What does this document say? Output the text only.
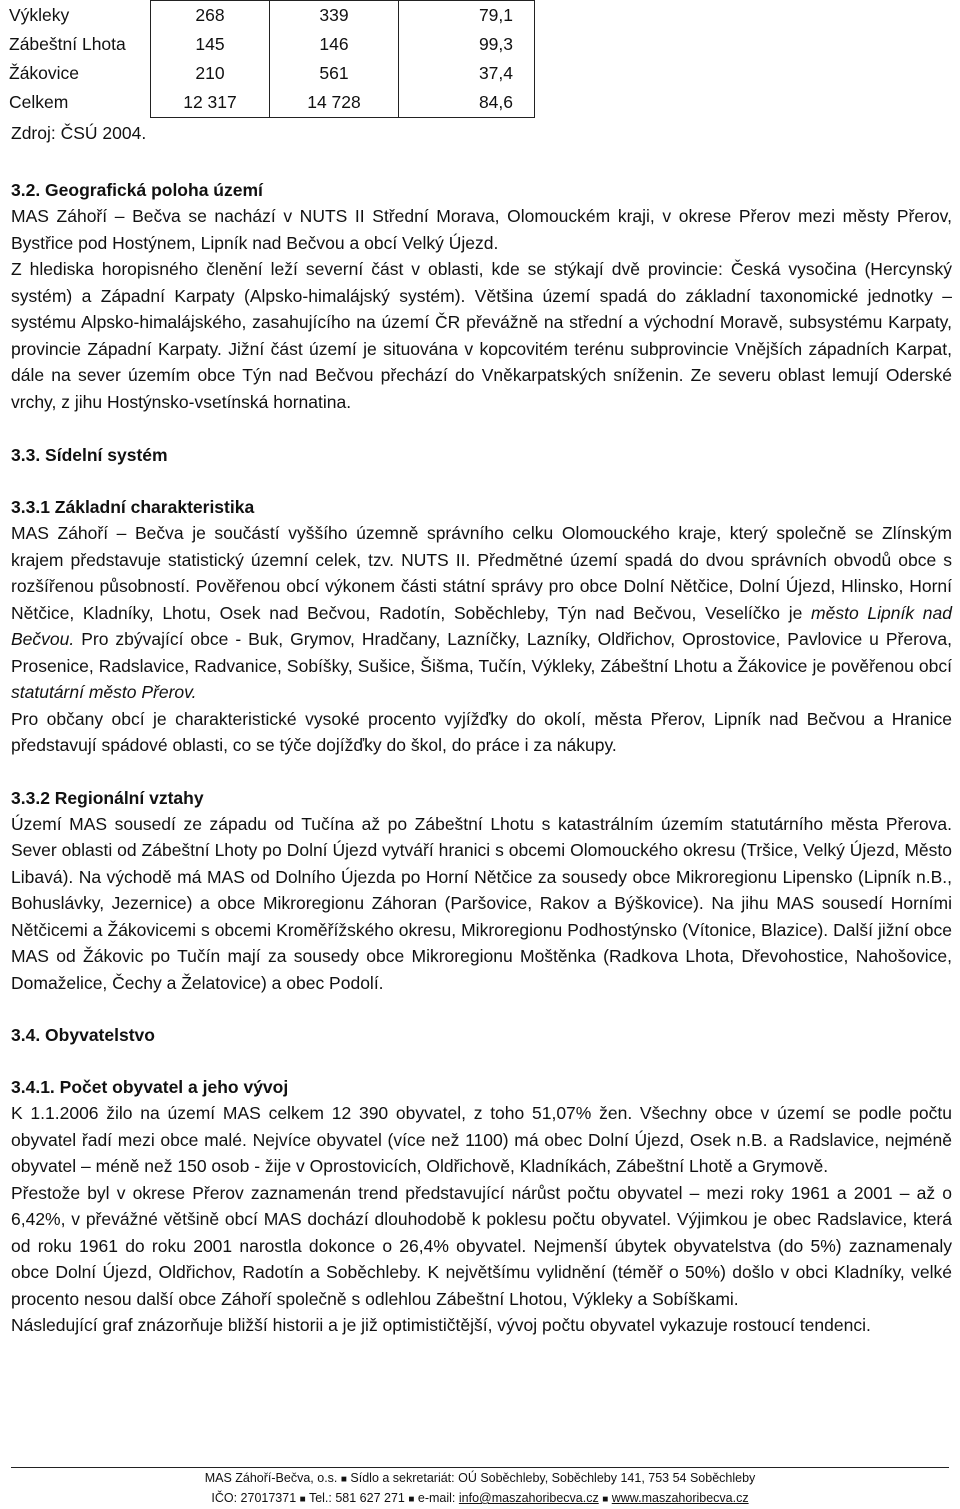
Výkleky	268	339	79,1
Zábeštní Lhota	145	146	99,3
Žákovice	210	561	37,4
Celkem	12 317	14 728	84,6
Zdroj: ČSÚ 2004.
3.2. Geografická poloha území

MAS Záhoří – Bečva se nachází v NUTS II Střední Morava, Olomouckém kraji, v okrese Přerov mezi městy Přerov, Bystřice pod Hostýnem, Lipník nad Bečvou a obcí Velký Újezd.

Z hlediska horopisného členění leží severní část v oblasti, kde se stýkají dvě provincie: Česká vysočina (Hercynský systém) a Západní Karpaty (Alpsko-himalájský systém). Většina území spadá do základní taxonomické jednotky – systému Alpsko-himalájského, zasahujícího na území ČR převážně na střední a východní Moravě, subsystému Karpaty, provincie Západní Karpaty. Jižní část území je situována v kopcovitém terénu subprovincie Vnějších západních Karpat, dále na sever územím obce Týn nad Bečvou přechází do Vněkarpatských sníženin. Ze severu oblast lemují Oderské vrchy, z jihu Hostýnsko-vsetínská hornatina.

3.3. Sídelní systém
3.3.1 Základní charakteristika

MAS Záhoří – Bečva je součástí vyššího územně správního celku Olomouckého kraje, který společně se Zlínským krajem představuje statistický územní celek, tzv. NUTS II. Předmětné území spadá do dvou správních obvodů obce s rozšířenou působností. Pověřenou obcí výkonem části státní správy pro obce Dolní Nětčice, Dolní Újezd, Hlinsko, Horní Nětčice, Kladníky, Lhotu, Osek nad Bečvou, Radotín, Soběchleby, Týn nad Bečvou, Veselíčko je město Lipník nad Bečvou. Pro zbývající obce - Buk, Grymov, Hradčany, Lazníčky, Lazníky, Oldřichov, Oprostovice, Pavlovice u Přerova, Prosenice, Radslavice, Radvanice, Sobíšky, Sušice, Šišma, Tučín, Výkleky, Zábeštní Lhotu a Žákovice je pověřenou obcí statutární město Přerov.

Pro občany obcí je charakteristické vysoké procento vyjížďky do okolí, města Přerov, Lipník nad Bečvou a Hranice představují spádové oblasti, co se týče dojížďky do škol, do práce i za nákupy.

3.3.2 Regionální vztahy

Území MAS sousedí ze západu od Tučína až po Zábeštní Lhotu s katastrálním územím statutárního města Přerova. Sever oblasti od Zábeštní Lhoty po Dolní Újezd vytváří hranici s obcemi Olomouckého okresu (Tršice, Velký Újezd, Město Libavá). Na východě má MAS od Dolního Újezda po Horní Nětčice za sousedy obce Mikroregionu Lipensko (Lipník n.B., Bohuslávky, Jezernice) a obce Mikroregionu Záhoran (Paršovice, Rakov a Býškovice). Na jihu MAS sousedí Horními Nětčicemi a Žákovicemi s obcemi Kroměřížského okresu, Mikroregionu Podhostýnsko (Vítonice, Blazice). Další jižní obce MAS od Žákovic po Tučín mají za sousedy obce Mikroregionu Moštěnka (Radkova Lhota, Dřevohostice, Nahošovice, Domaželice, Čechy a Želatovice) a obec Podolí.

3.4. Obyvatelstvo
3.4.1. Počet obyvatel a jeho vývoj

K 1.1.2006 žilo na území MAS celkem 12 390 obyvatel, z toho 51,07% žen. Všechny obce v území se podle počtu obyvatel řadí mezi obce malé. Nejvíce obyvatel (více než 1100) má obec Dolní Újezd, Osek n.B. a Radslavice, nejméně obyvatel – méně než 150 osob - žije v Oprostovicích, Oldřichově, Kladníkách, Zábeštní Lhotě a Grymově.

Přestože byl v okrese Přerov zaznamenán trend představující nárůst počtu obyvatel – mezi roky 1961 a 2001 – až o 6,42%, v převážné většině obcí MAS dochází dlouhodobě k poklesu počtu obyvatel. Výjimkou je obec Radslavice, která od roku 1961 do roku 2001 narostla dokonce o 26,4% obyvatel. Nejmenší úbytek obyvatelstva (do 5%) zaznamenaly obce Dolní Újezd, Oldřichov, Radotín a Soběchleby. K největšímu vylidnění (téměř o 50%) došlo v obci Kladníky, velké procento nesou další obce Záhoří společně s odlehlou Zábeštní Lhotou, Výkleky a Sobíškami.

Následující graf znázorňuje bližší historii a je již optimističtější, vývoj počtu obyvatel vykazuje rostoucí tendenci.

MAS Záhoří-Bečva, o.s. ■ Sídlo a sekretariát: OÚ Soběchleby, Soběchleby 141, 753 54 Soběchleby
IČO: 27017371 ■ Tel.: 581 627 271 ■ e-mail: info@maszahoribecva.cz ■ www.maszahoribecva.cz
